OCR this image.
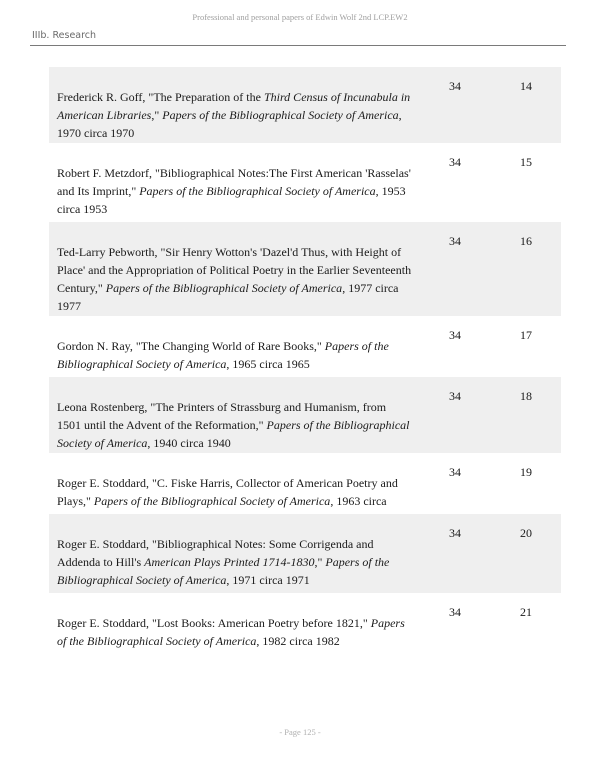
Professional and personal papers of Edwin Wolf 2nd LCP.EW2
IIIb. Research
Frederick R. Goff, "The Preparation of the Third Census of Incunabula in American Libraries," Papers of the Bibliographical Society of America, 1970 circa 1970
34	14
Robert F. Metzdorf, "Bibliographical Notes:The First American 'Rasselas' and Its Imprint," Papers of the Bibliographical Society of America, 1953 circa 1953
34	15
Ted-Larry Pebworth, "Sir Henry Wotton's 'Dazel'd Thus, with Height of Place' and the Appropriation of Political Poetry in the Earlier Seventeenth Century," Papers of the Bibliographical Society of America, 1977 circa 1977
34	16
Gordon N. Ray, "The Changing World of Rare Books," Papers of the Bibliographical Society of America, 1965 circa 1965
34	17
Leona Rostenberg, "The Printers of Strassburg and Humanism, from 1501 until the Advent of the Reformation," Papers of the Bibliographical Society of America, 1940 circa 1940
34	18
Roger E. Stoddard, "C. Fiske Harris, Collector of American Poetry and Plays," Papers of the Bibliographical Society of America, 1963 circa
34	19
Roger E. Stoddard, "Bibliographical Notes: Some Corrigenda and Addenda to Hill's American Plays Printed 1714-1830," Papers of the Bibliographical Society of America, 1971 circa 1971
34	20
Roger E. Stoddard, "Lost Books: American Poetry before 1821," Papers of the Bibliographical Society of America, 1982 circa 1982
34	21
- Page 125 -
